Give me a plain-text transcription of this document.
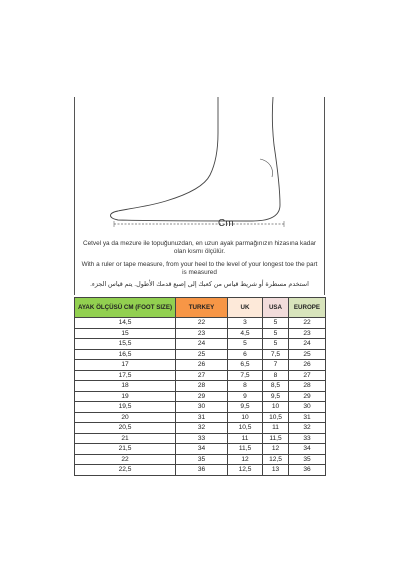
Cm
Cetvel ya da mezure ile topuğunuzdan, en uzun ayak parmağınızın hizasına kadar olan kısmı ölçülür.
With a ruler or tape measure, from your heel to the level of your longest toe the part is measured
استخدم مسطرة أو شريط قياس من كعبك إلى إصبع قدمك الأطول. يتم قياس الجزء.
AYAK ÖLÇÜSÜ CM (FOOT SIZE)	TURKEY	UK	USA	EUROPE
14,5	22	3	5	22
15	23	4,5	5	23
15,5	24	5	5	24
16,5	25	6	7,5	25
17	26	6,5	7	26
17,5	27	7,5	8	27
18	28	8	8,5	28
19	29	9	9,5	29
19,5	30	9,5	10	30
20	31	10	10,5	31
20,5	32	10,5	11	32
21	33	11	11,5	33
21,5	34	11,5	12	34
22	35	12	12,5	35
22,5	36	12,5	13	36
